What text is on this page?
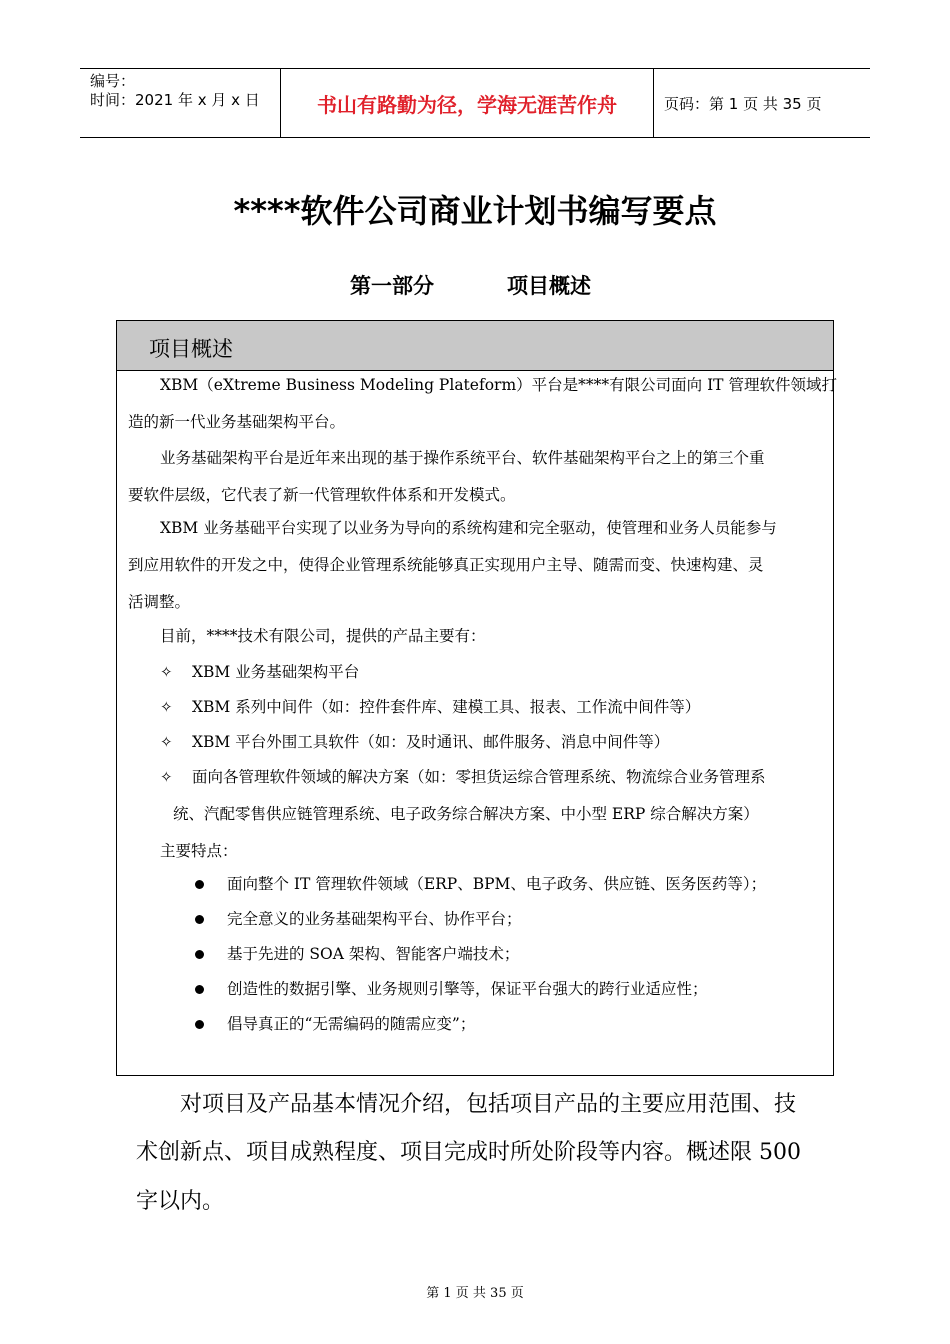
编号：
时间：2021 年 x 月 x 日	书山有路勤为径，学海无涯苦作舟	页码：第 1 页 共 35 页
****软件公司商业计划书编写要点
第一部分	项目概述
项目概述
XBM（eXtreme Business Modeling Plateform）平台是****有限公司面向 IT 管理软件领域打
造的新一代业务基础架构平台。
业务基础架构平台是近年来出现的基于操作系统平台、软件基础架构平台之上的第三个重
要软件层级，它代表了新一代管理软件体系和开发模式。
XBM 业务基础平台实现了以业务为导向的系统构建和完全驱动，使管理和业务人员能参与
到应用软件的开发之中，使得企业管理系统能够真正实现用户主导、随需而变、快速构建、灵
活调整。
目前，****技术有限公司，提供的产品主要有：
✧ XBM 业务基础架构平台
✧ XBM 系列中间件（如：控件套件库、建模工具、报表、工作流中间件等）
✧ XBM 平台外围工具软件（如：及时通讯、邮件服务、消息中间件等）
✧ 面向各管理软件领域的解决方案（如：零担货运综合管理系统、物流综合业务管理系
统、汽配零售供应链管理系统、电子政务综合解决方案、中小型 ERP 综合解决方案）
主要特点：
面向整个 IT 管理软件领域（ERP、BPM、电子政务、供应链、医务医药等）；
完全意义的业务基础架构平台、协作平台；
基于先进的 SOA 架构、智能客户端技术；
创造性的数据引擎、业务规则引擎等，保证平台强大的跨行业适应性；
倡导真正的“无需编码的随需应变”；
对项目及产品基本情况介绍，包括项目产品的主要应用范围、技
术创新点、项目成熟程度、项目完成时所处阶段等内容。概述限 500
字以内。
第 1 页 共 35 页
